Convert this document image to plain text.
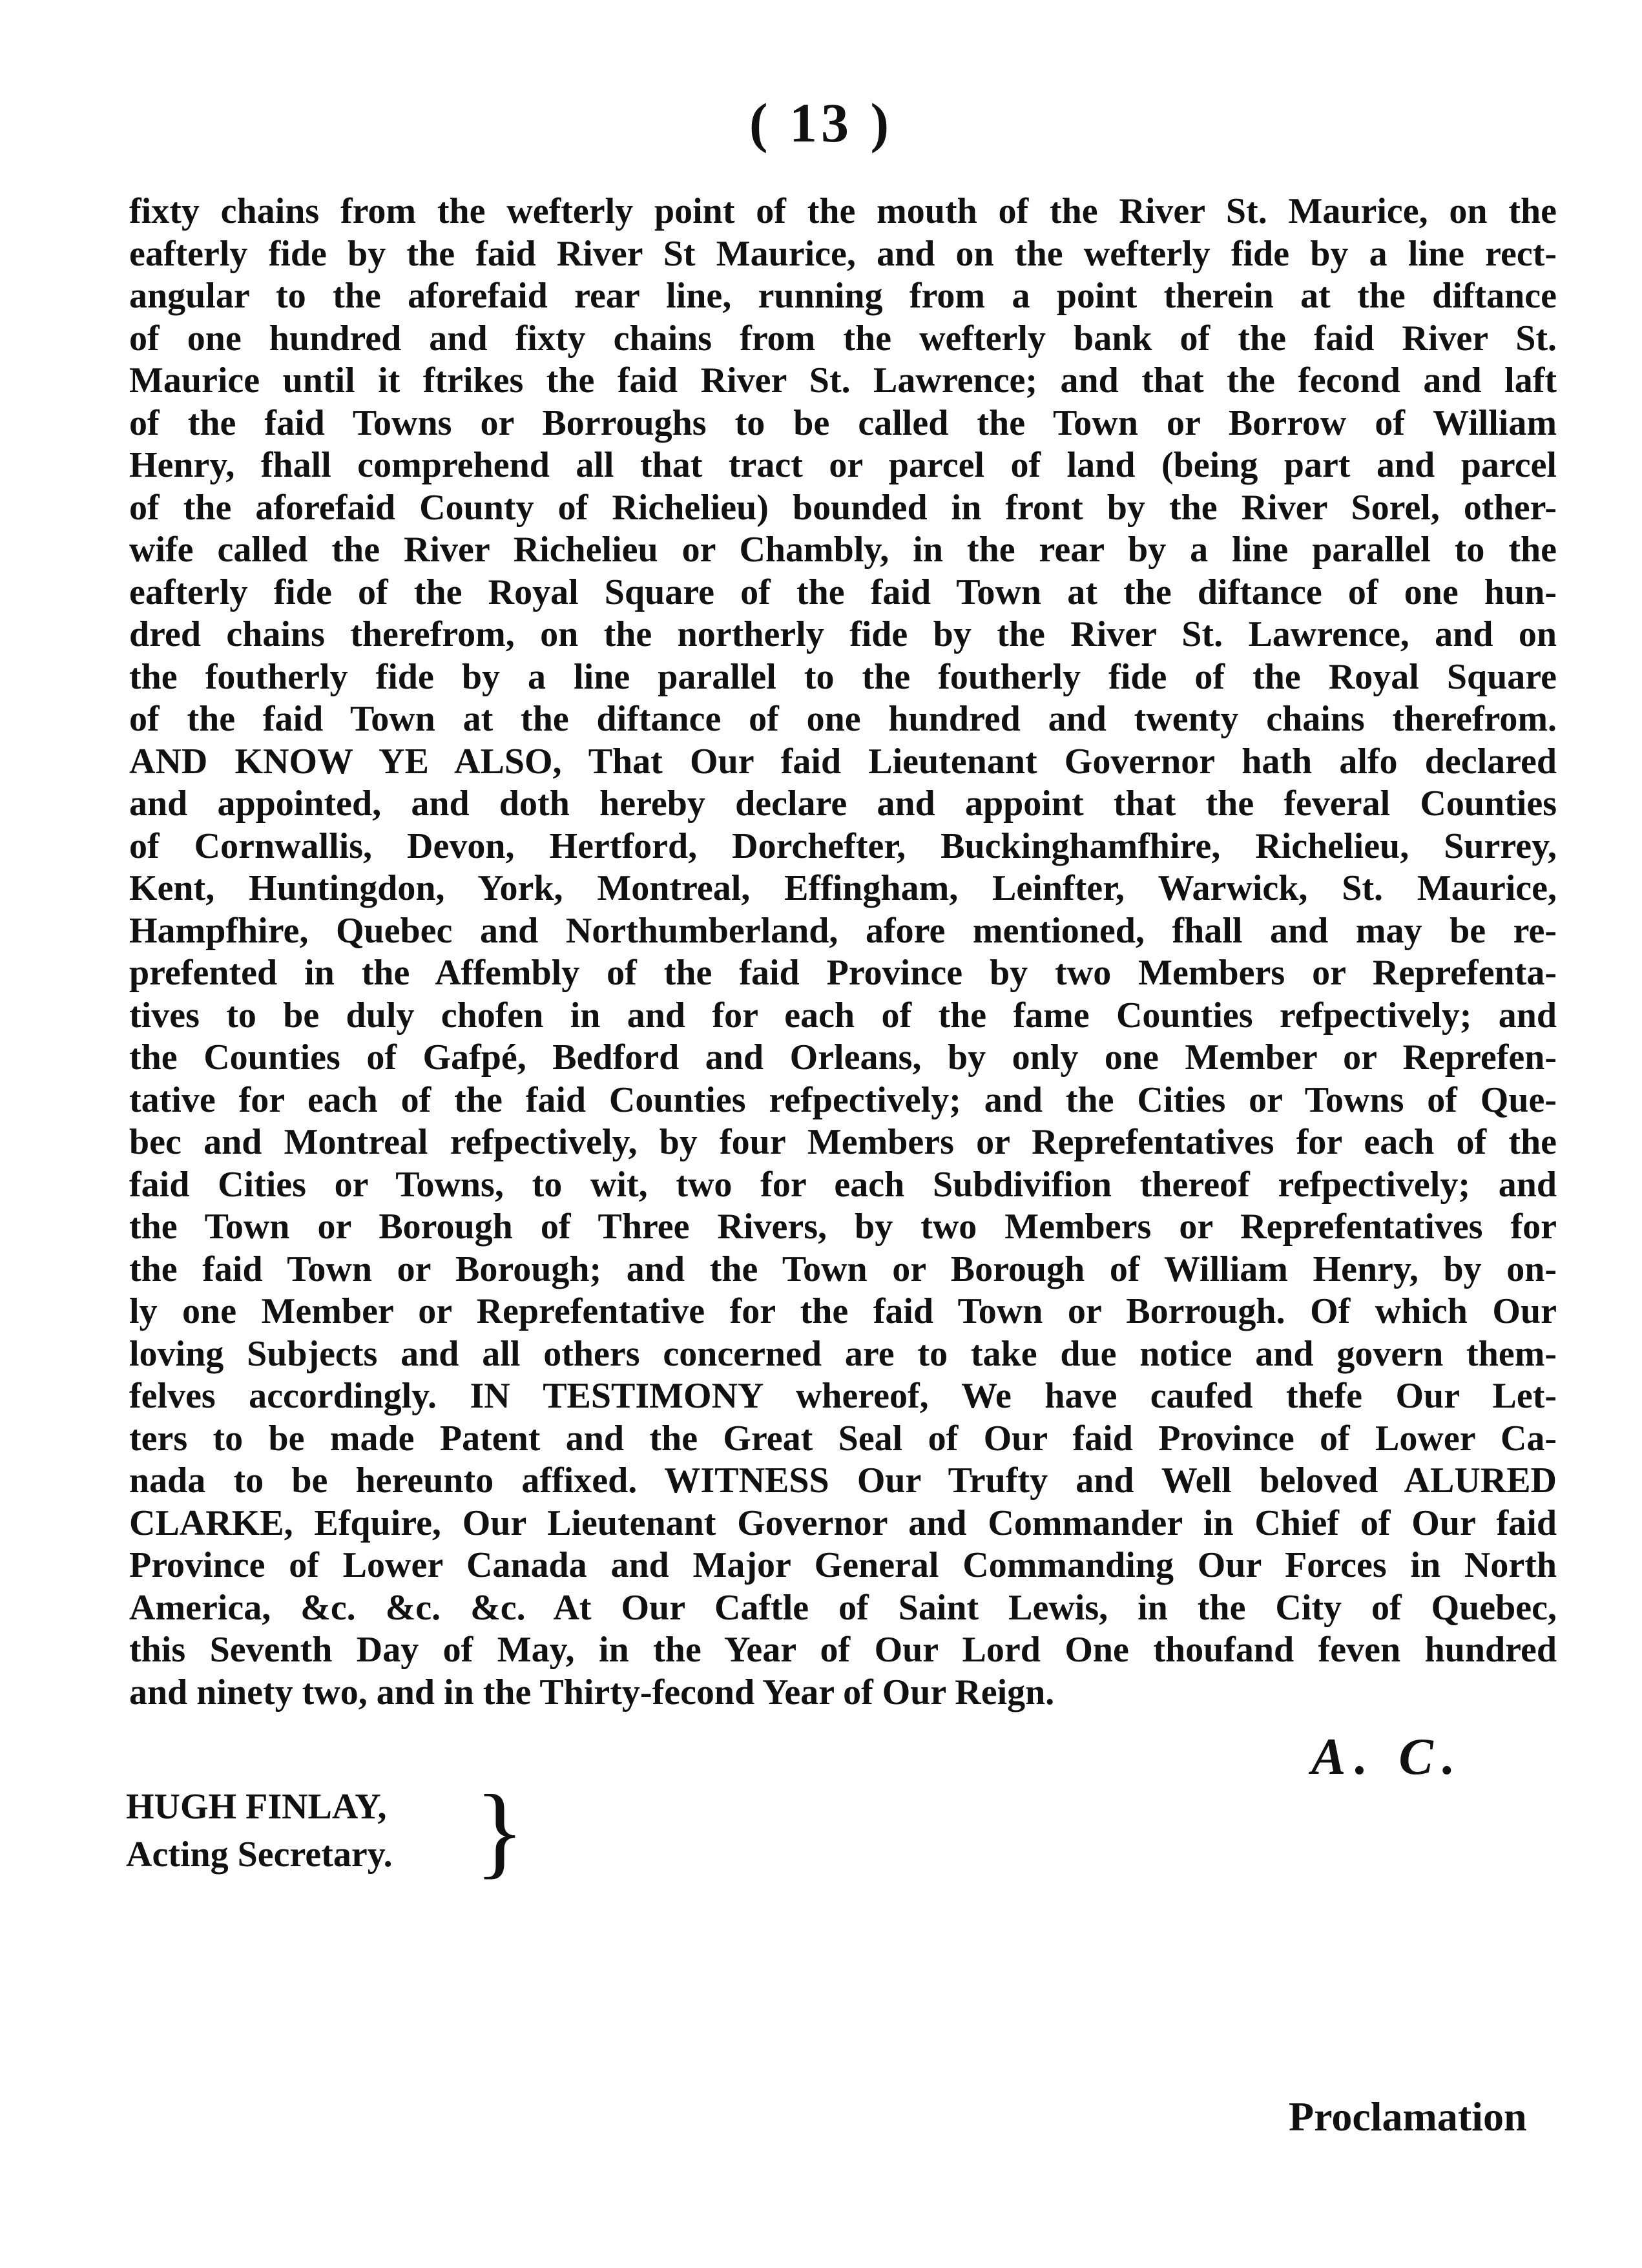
( 13 )

fixty chains from the wefterly point of the mouth of the River St. Maurice, on the
eafterly fide by the faid River St Maurice, and on the wefterly fide by a line rect-
angular to the aforefaid rear line, running from a point therein at the diftance
of one hundred and fixty chains from the wefterly bank of the faid River St.
Maurice until it ftrikes the faid River St. Lawrence; and that the fecond and laft
of the faid Towns or Borroughs to be called the Town or Borrow of William
Henry, fhall comprehend all that tract or parcel of land (being part and parcel
of the aforefaid County of Richelieu) bounded in front by the River Sorel, other-
wife called the River Richelieu or Chambly, in the rear by a line parallel to the
eafterly fide of the Royal Square of the faid Town at the diftance of one hun-
dred chains therefrom, on the northerly fide by the River St. Lawrence, and on
the foutherly fide by a line parallel to the foutherly fide of the Royal Square
of the faid Town at the diftance of one hundred and twenty chains therefrom.
AND KNOW YE ALSO, That Our faid Lieutenant Governor hath alfo declared
and appointed, and doth hereby declare and appoint that the feveral Counties
of Cornwallis, Devon, Hertford, Dorchefter, Buckinghamfhire, Richelieu, Surrey,
Kent, Huntingdon, York, Montreal, Effingham, Leinfter, Warwick, St. Maurice,
Hampfhire, Quebec and Northumberland, afore mentioned, fhall and may be re-
prefented in the Affembly of the faid Province by two Members or Reprefenta-
tives to be duly chofen in and for each of the fame Counties refpectively; and
the Counties of Gafpé, Bedford and Orleans, by only one Member or Reprefen-
tative for each of the faid Counties refpectively; and the Cities or Towns of Que-
bec and Montreal refpectively, by four Members or Reprefentatives for each of the
faid Cities or Towns, to wit, two for each Subdivifion thereof refpectively; and
the Town or Borough of Three Rivers, by two Members or Reprefentatives for
the faid Town or Borough; and the Town or Borough of William Henry, by on-
ly one Member or Reprefentative for the faid Town or Borrough. Of which Our
loving Subjects and all others concerned are to take due notice and govern them-
felves accordingly. IN TESTIMONY whereof, We have caufed thefe Our Let-
ters to be made Patent and the Great Seal of Our faid Province of Lower Ca-
nada to be hereunto affixed. WITNESS Our Trufty and Well beloved ALURED
CLARKE, Efquire, Our Lieutenant Governor and Commander in Chief of Our faid
Province of Lower Canada and Major General Commanding Our Forces in North
America, &c. &c. &c. At Our Caftle of Saint Lewis, in the City of Quebec,
this Seventh Day of May, in the Year of Our Lord One thoufand feven hundred
and ninety two, and in the Thirty-fecond Year of Our Reign.

A. C.
HUGH FINLAY,
Acting Secretary. }
Proclamation
